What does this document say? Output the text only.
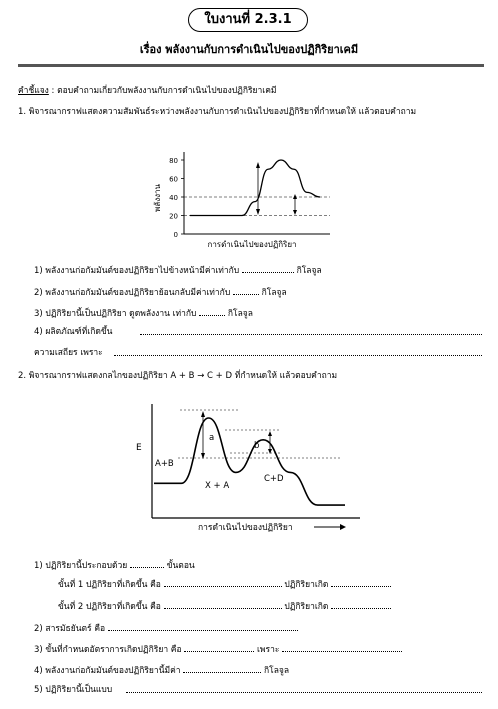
ใบงานที่ 2.3.1
เรื่อง พลังงานกับการดำเนินไปของปฏิกิริยาเคมี
คำชี้แจง : ตอบคำถามเกี่ยวกับพลังงานกับการดำเนินไปของปฏิกิริยาเคมี
1. พิจารณากราฟแสดงความสัมพันธ์ระหว่างพลังงานกับการดำเนินไปของปฏิกิริยาที่กำหนดให้ แล้วตอบคำถาม
80
60
40
20
0
พลังงาน
การดำเนินไปของปฏิกิริยา
1) พลังงานก่อกัมมันต์ของปฏิกิริยาไปข้างหน้ามีค่าเท่ากับ	กิโลจูล
2) พลังงานก่อกัมมันต์ของปฏิกิริยาย้อนกลับมีค่าเท่ากับ	กิโลจูล
3) ปฏิกิริยานี้เป็นปฏิกิริยา ดูดพลังงาน เท่ากับ	กิโลจูล
4) ผลิตภัณฑ์ที่เกิดขึ้น
ความเสถียร เพราะ
2. พิจารณากราฟแสดงกลไกของปฏิกิริยา A + B → C + D ที่กำหนดให้ แล้วตอบคำถาม
E
A+B
a
b
X + A
C+D
การดำเนินไปของปฏิกิริยา
1) ปฏิกิริยานี้ประกอบด้วย	ขั้นตอน
ขั้นที่ 1 ปฏิกิริยาที่เกิดขึ้น คือ	ปฏิกิริยาเกิด
ขั้นที่ 2 ปฏิกิริยาที่เกิดขึ้น คือ	ปฏิกิริยาเกิด
2) สารมัธยันตร์ คือ
3) ขั้นที่กำหนดอัตราการเกิดปฏิกิริยา คือ	เพราะ
4) พลังงานก่อกัมมันต์ของปฏิกิริยานี้มีค่า	กิโลจูล
5) ปฏิกิริยานี้เป็นแบบ
